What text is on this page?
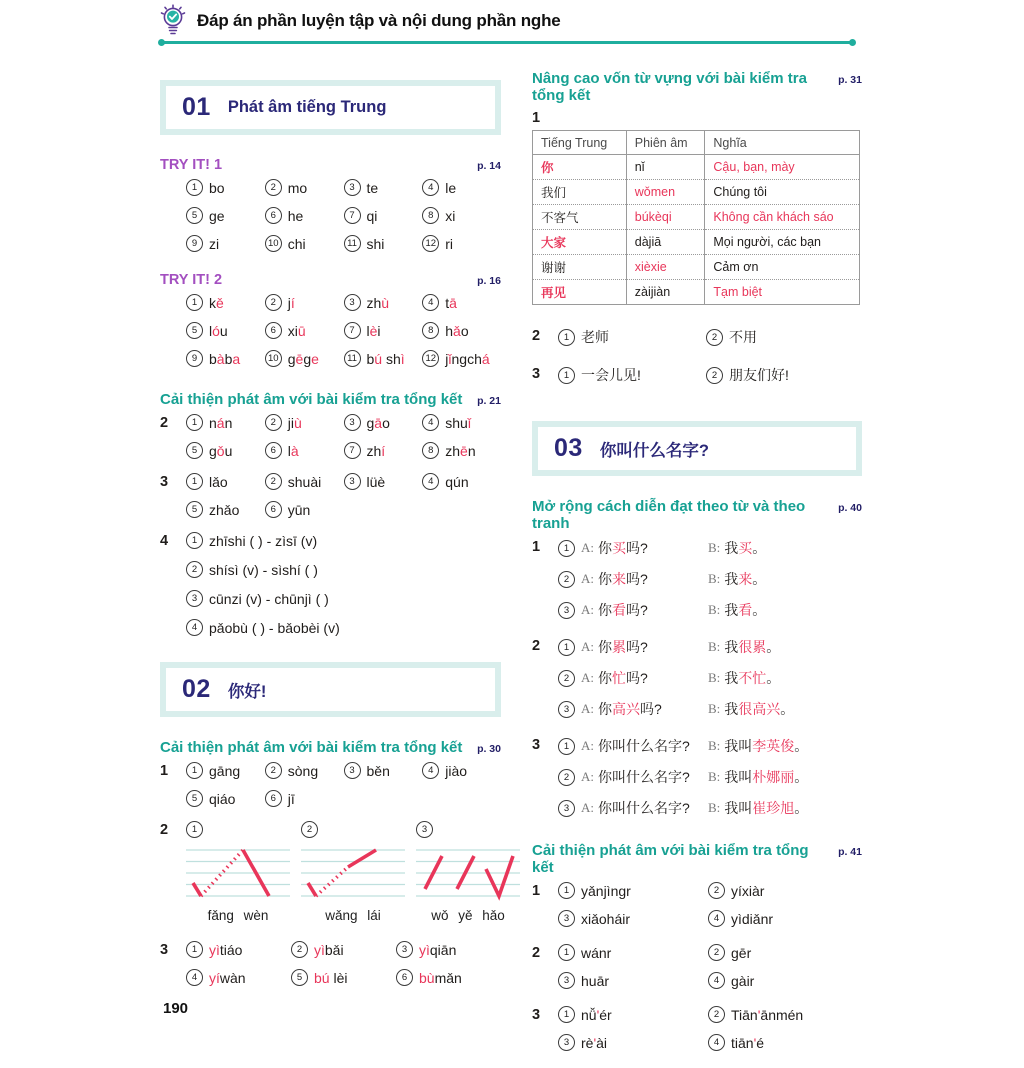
Đáp án phần luyện tập và nội dung phần nghe
01 Phát âm tiếng Trung
TRY IT! 1	p. 14
1 bo	2 mo	3 te	4 le
5 ge	6 he	7 qi	8 xi
9 zi	10 chi	11 shi	12 ri
TRY IT! 2	p. 16
1 kě	2 jí	3 zhù	4 tā
5 lóu	6 xiū	7 lèi	8 hǎo
9 bàba	10 gēge	11 bú shì	12 jǐngchá
Cải thiện phát âm với bài kiểm tra tổng kết p. 21
2	1 nán	2 jiù	3 gāo	4 shuǐ
5 gǒu	6 là	7 zhí	8 zhēn
3	1 lǎo	2 shuài	3 lüè	4 qún
5 zhǎo	6 yūn
4	1 zhīshi ( ) - zìsī (v)
2 shísì (v) - sìshí ( )
3 cūnzi (v) - chūnjì ( )
4 pǎobù ( ) - bǎobèi (v)
02 你好!
Cải thiện phát âm với bài kiểm tra tổng kết p. 30
1	1 gāng	2 sòng	3 běn	4 jiào
5 qiáo	6 jī
2	1
fǎng wèn
2
wǎng lái
3
wǒ yě hǎo
3	1 yìtiáo	2 yìbǎi	3 yìqiān
4 yíwàn	5 bú lèi	6 bùmǎn
Nâng cao vốn từ vựng với bài kiểm tra tổng kết
p. 31
1
Tiếng Trung	Phiên âm	Nghĩa
你	nǐ	Cậu, bạn, mày
我们	wǒmen	Chúng tôi
不客气	búkèqi	Không cần khách sáo
大家	dàjiā	Mọi người, các bạn
谢谢	xièxie	Cảm ơn
再见	zàijiàn	Tạm biệt
2	1 老师	2 不用
3	1 一会儿见!	2 朋友们好!
03 你叫什么名字?
Mở rộng cách diễn đạt theo từ và theo tranh
p. 40
1	1 A: 你买吗?	B: 我买。
2 A: 你来吗?	B: 我来。
3 A: 你看吗?	B: 我看。
2	1 A: 你累吗?	B: 我很累。
2 A: 你忙吗?	B: 我不忙。
3 A: 你高兴吗?	B: 我很高兴。
3	1 A: 你叫什么名字? B: 我叫李英俊。
2 A: 你叫什么名字? B: 我叫朴娜丽。
3 A: 你叫什么名字? B: 我叫崔珍旭。
Cải thiện phát âm với bài kiểm tra tổng kết
p. 41
1	1 yǎnjìngr	2 yíxiàr
3 xiǎoháir	4 yìdiǎnr
2	1 wánr	2 gēr
3 huār	4 gàir
3	1 nǚ'ér	2 Tiān'ānmén
3 rè'ài	4 tiān'é
190
